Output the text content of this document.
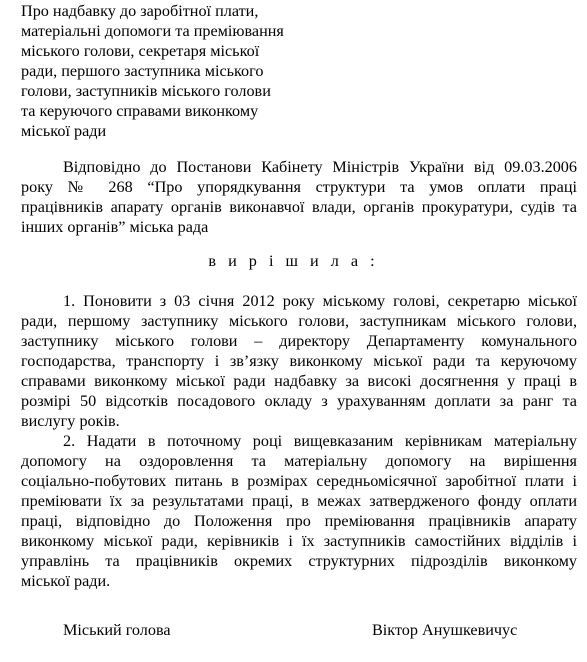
Про надбавку до заробітної плати,
матеріальні допомоги та преміювання
міського голови, секретаря міської
ради, першого заступника міського
голови, заступників міського голови
та керуючого справами виконкому
міської ради
Відповідно до Постанови Кабінету Міністрів України від 09.03.2006
року № 268 “Про упорядкування структури та умов оплати праці
працівників апарату органів виконавчої влади, органів прокуратури, судів та
інших органів” міська рада
в и р і ш и л а :
1. Поновити з 03 січня 2012 року міському голові, секретарю міської
ради, першому заступнику міського голови, заступникам міського голови,
заступнику міського голови – директору Департаменту комунального
господарства, транспорту і зв’язку виконкому міської ради та керуючому
справами виконкому міської ради надбавку за високі досягнення у праці в
розмірі 50 відсотків посадового окладу з урахуванням доплати за ранг та
вислугу років.
2. Надати в поточному році вищевказаним керівникам матеріальну
допомогу на оздоровлення та матеріальну допомогу на вирішення
соціально-побутових питань в розмірах середньомісячної заробітної плати і
преміювати їх за результатами праці, в межах затвердженого фонду оплати
праці, відповідно до Положення про преміювання працівників апарату
виконкому міської ради, керівників і їх заступників самостійних відділів і
управлінь та працівників окремих структурних підрозділів виконкому
міської ради.
Міський голова	Віктор Анушкевичус
